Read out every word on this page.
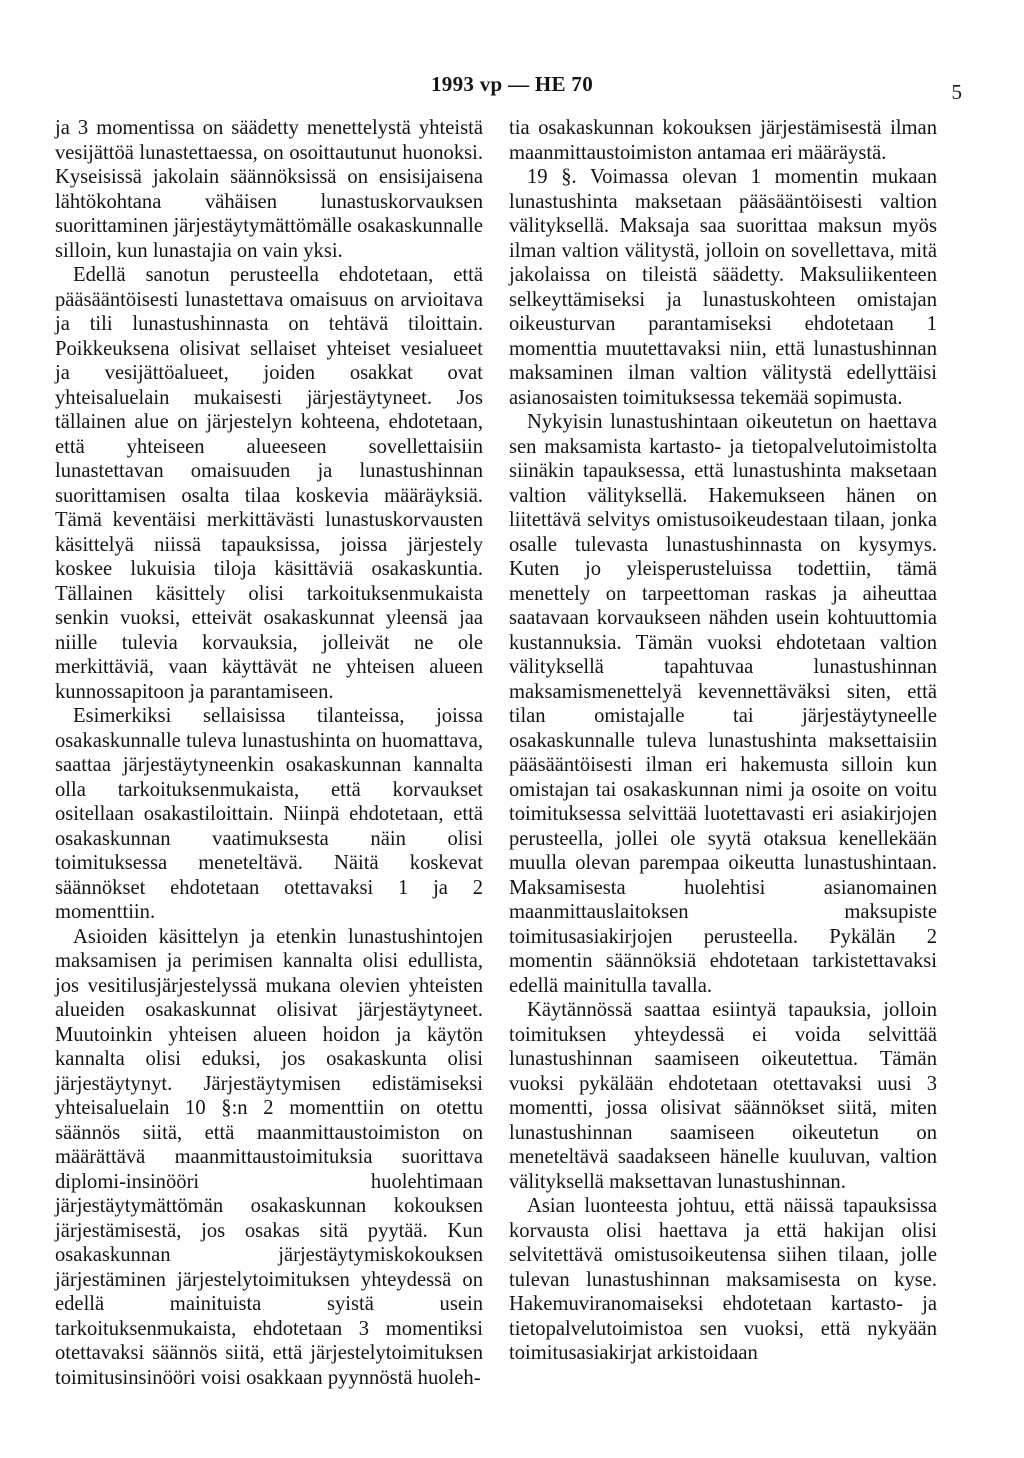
1993 vp — HE 70	5

ja 3 momentissa on säädetty menettelystä yhteistä vesijättöä lunastettaessa, on osoittautunut huonoksi. Kyseisissä jakolain säännöksissä on ensisijaisena lähtökohtana vähäisen lunastuskorvauksen suorittaminen järjestäytymättömälle osakaskunnalle silloin, kun lunastajia on vain yksi.

Edellä sanotun perusteella ehdotetaan, että pääsääntöisesti lunastettava omaisuus on arvioitava ja tili lunastushinnasta on tehtävä tiloittain. Poikkeuksena olisivat sellaiset yhteiset vesialueet ja vesijättöalueet, joiden osakkat ovat yhteisaluelain mukaisesti järjestäytyneet. Jos tällainen alue on järjestelyn kohteena, ehdotetaan, että yhteiseen alueeseen sovellettaisiin lunastettavan omaisuuden ja lunastushinnan suorittamisen osalta tilaa koskevia määräyksiä. Tämä keventäisi merkittävästi lunastuskorvausten käsittelyä niissä tapauksissa, joissa järjestely koskee lukuisia tiloja käsittäviä osakaskuntia. Tällainen käsittely olisi tarkoituksenmukaista senkin vuoksi, etteivät osakaskunnat yleensä jaa niille tulevia korvauksia, jolleivät ne ole merkittäviä, vaan käyttävät ne yhteisen alueen kunnossapitoon ja parantamiseen.

Esimerkiksi sellaisissa tilanteissa, joissa osakaskunnalle tuleva lunastushinta on huomattava, saattaa järjestäytyneenkin osakaskunnan kannalta olla tarkoituksenmukaista, että korvaukset ositellaan osakastiloittain. Niinpä ehdotetaan, että osakaskunnan vaatimuksesta näin olisi toimituksessa meneteltävä. Näitä koskevat säännökset ehdotetaan otettavaksi 1 ja 2 momenttiin.

Asioiden käsittelyn ja etenkin lunastushintojen maksamisen ja perimisen kannalta olisi edullista, jos vesitilusjärjestelyssä mukana olevien yhteisten alueiden osakaskunnat olisivat järjestäytyneet. Muutoinkin yhteisen alueen hoidon ja käytön kannalta olisi eduksi, jos osakaskunta olisi järjestäytynyt. Järjestäytymisen edistämiseksi yhteisaluelain 10 §:n 2 momenttiin on otettu säännös siitä, että maanmittaustoimiston on määrättävä maanmittaustoimituksia suorittava diplomi-insinööri huolehtimaan järjestäytymättömän osakaskunnan kokouksen järjestämisestä, jos osakas sitä pyytää. Kun osakaskunnan järjestäytymiskokouksen järjestäminen järjestelytoimituksen yhteydessä on edellä mainituista syistä usein tarkoituksenmukaista, ehdotetaan 3 momentiksi otettavaksi säännös siitä, että järjestelytoimituksen toimitusinsinööri voisi osakkaan pyynnöstä huoleh-

tia osakaskunnan kokouksen järjestämisestä ilman maanmittaustoimiston antamaa eri määräystä.

19 §. Voimassa olevan 1 momentin mukaan lunastushinta maksetaan pääsääntöisesti valtion välityksellä. Maksaja saa suorittaa maksun myös ilman valtion välitystä, jolloin on sovellettava, mitä jakolaissa on tileistä säädetty. Maksuliikenteen selkeyttämiseksi ja lunastuskohteen omistajan oikeusturvan parantamiseksi ehdotetaan 1 momenttia muutettavaksi niin, että lunastushinnan maksaminen ilman valtion välitystä edellyttäisi asianosaisten toimituksessa tekemää sopimusta.

Nykyisin lunastushintaan oikeutetun on haettava sen maksamista kartasto- ja tietopalvelutoimistolta siinäkin tapauksessa, että lunastushinta maksetaan valtion välityksellä. Hakemukseen hänen on liitettävä selvitys omistusoikeudestaan tilaan, jonka osalle tulevasta lunastushinnasta on kysymys. Kuten jo yleisperusteluissa todettiin, tämä menettely on tarpeettoman raskas ja aiheuttaa saatavaan korvaukseen nähden usein kohtuuttomia kustannuksia. Tämän vuoksi ehdotetaan valtion välityksellä tapahtuvaa lunastushinnan maksamismenettelyä kevennettäväksi siten, että tilan omistajalle tai järjestäytyneelle osakaskunnalle tuleva lunastushinta maksettaisiin pääsääntöisesti ilman eri hakemusta silloin kun omistajan tai osakaskunnan nimi ja osoite on voitu toimituksessa selvittää luotettavasti eri asiakirjojen perusteella, jollei ole syytä otaksua kenellekään muulla olevan parempaa oikeutta lunastushintaan. Maksamisesta huolehtisi asianomainen maanmittauslaitoksen maksupiste toimitusasiakirjojen perusteella. Pykälän 2 momentin säännöksiä ehdotetaan tarkistettavaksi edellä mainitulla tavalla.

Käytännössä saattaa esiintyä tapauksia, jolloin toimituksen yhteydessä ei voida selvittää lunastushinnan saamiseen oikeutettua. Tämän vuoksi pykälään ehdotetaan otettavaksi uusi 3 momentti, jossa olisivat säännökset siitä, miten lunastushinnan saamiseen oikeutetun on meneteltävä saadakseen hänelle kuuluvan, valtion välityksellä maksettavan lunastushinnan.

Asian luonteesta johtuu, että näissä tapauksissa korvausta olisi haettava ja että hakijan olisi selvitettävä omistusoikeutensa siihen tilaan, jolle tulevan lunastushinnan maksamisesta on kyse. Hakemuviranomaiseksi ehdotetaan kartasto- ja tietopalvelutoimistoa sen vuoksi, että nykyään toimitusasiakirjat arkistoidaan
